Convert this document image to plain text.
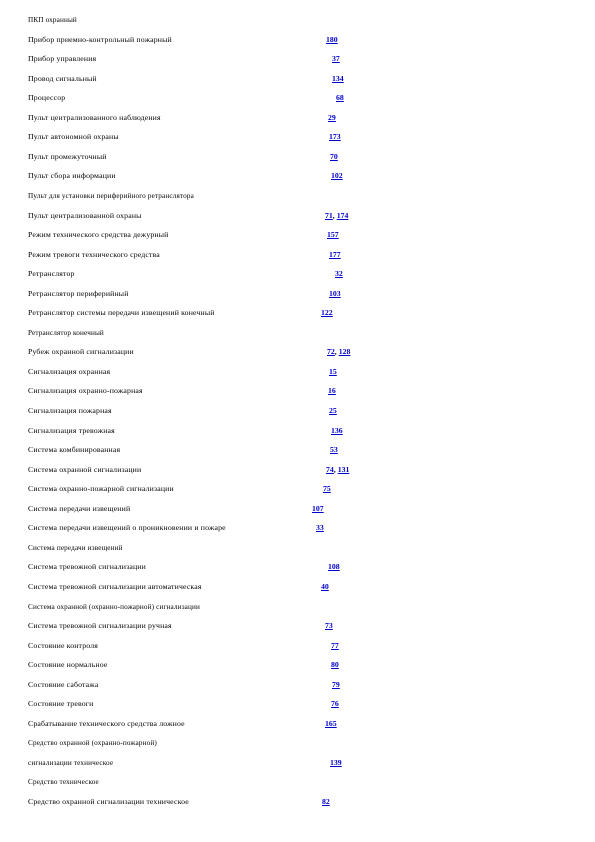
ПКП охранный
Прибор приемно-контрольный пожарный	180
Прибор управления	37
Провод сигнальный	134
Процессор	68
Пульт централизованного наблюдения	29
Пульт автономной охраны	173
Пульт промежуточный	70
Пульт сбора информации	102
Пульт для установки периферийного ретранслятора
Пульт централизованной охраны	71, 174
Режим технического средства дежурный	157
Режим тревоги технического средства	177
Ретранслятор	32
Ретранслятор периферийный	103
Ретранслятор системы передачи извещений конечный	122
Ретранслятор конечный
Рубеж охранной сигнализации	72, 128
Сигнализация охранная	15
Сигнализация охранно-пожарная	16
Сигнализация пожарная	25
Сигнализация тревожная	136
Система комбинированная	53
Система охранной сигнализации	74, 131
Система охранно-пожарной сигнализации	75
Система передачи извещений	107
Система передачи извещений о проникновении и пожаре	33
Система передачи извещений
Система тревожной сигнализации	108
Система тревожной сигнализации автоматическая	40
Система охранной (охранно-пожарной) сигнализации
Система тревожной сигнализации ручная	73
Состояние контроля	77
Состояние нормальное	80
Состояние саботажа	79
Состояние тревоги	76
Срабатывание технического средства ложное	165
Средство охранной (охранно-пожарной)
сигнализации техническое	139
Средство техническое
Средство охранной сигнализации техническое	82
